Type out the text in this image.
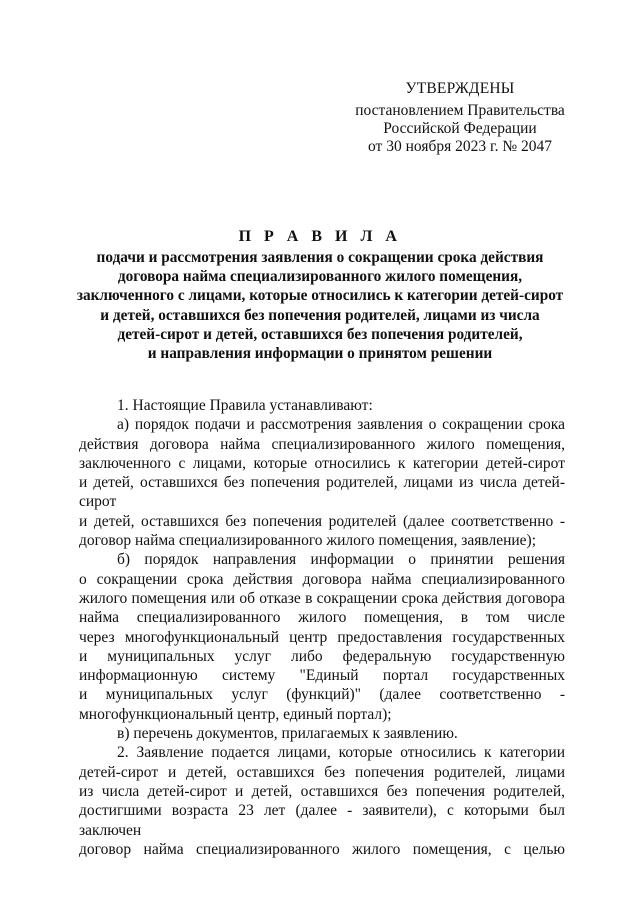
УТВЕРЖДЕНЫ
постановлением Правительства
Российской Федерации
от 30 ноября 2023 г. № 2047
П Р А В И Л А
подачи и рассмотрения заявления о сокращении срока действия
договора найма специализированного жилого помещения,
заключенного с лицами, которые относились к категории детей-сирот
и детей, оставшихся без попечения родителей, лицами из числа
детей-сирот и детей, оставшихся без попечения родителей,
и направления информации о принятом решении

1. Настоящие Правила устанавливают:

а) порядок подачи и рассмотрения заявления о сокращении срока
действия договора найма специализированного жилого помещения,
заключенного с лицами, которые относились к категории детей-сирот
и детей, оставшихся без попечения родителей, лицами из числа детей-сирот
и детей, оставшихся без попечения родителей (далее соответственно -
договор найма специализированного жилого помещения, заявление);
б) порядок направления информации о принятии решения
о сокращении срока действия договора найма специализированного
жилого помещения или об отказе в сокращении срока действия договора
найма специализированного жилого помещения, в том числе
через многофункциональный центр предоставления государственных
и муниципальных услуг либо федеральную государственную
информационную систему "Единый портал государственных
и муниципальных услуг (функций)" (далее соответственно -
многофункциональный центр, единый портал);

в) перечень документов, прилагаемых к заявлению.

2. Заявление подается лицами, которые относились к категории
детей-сирот и детей, оставшихся без попечения родителей, лицами
из числа детей-сирот и детей, оставшихся без попечения родителей,
достигшими возраста 23 лет (далее - заявители), с которыми был заключен
договор найма специализированного жилого помещения, с целью
